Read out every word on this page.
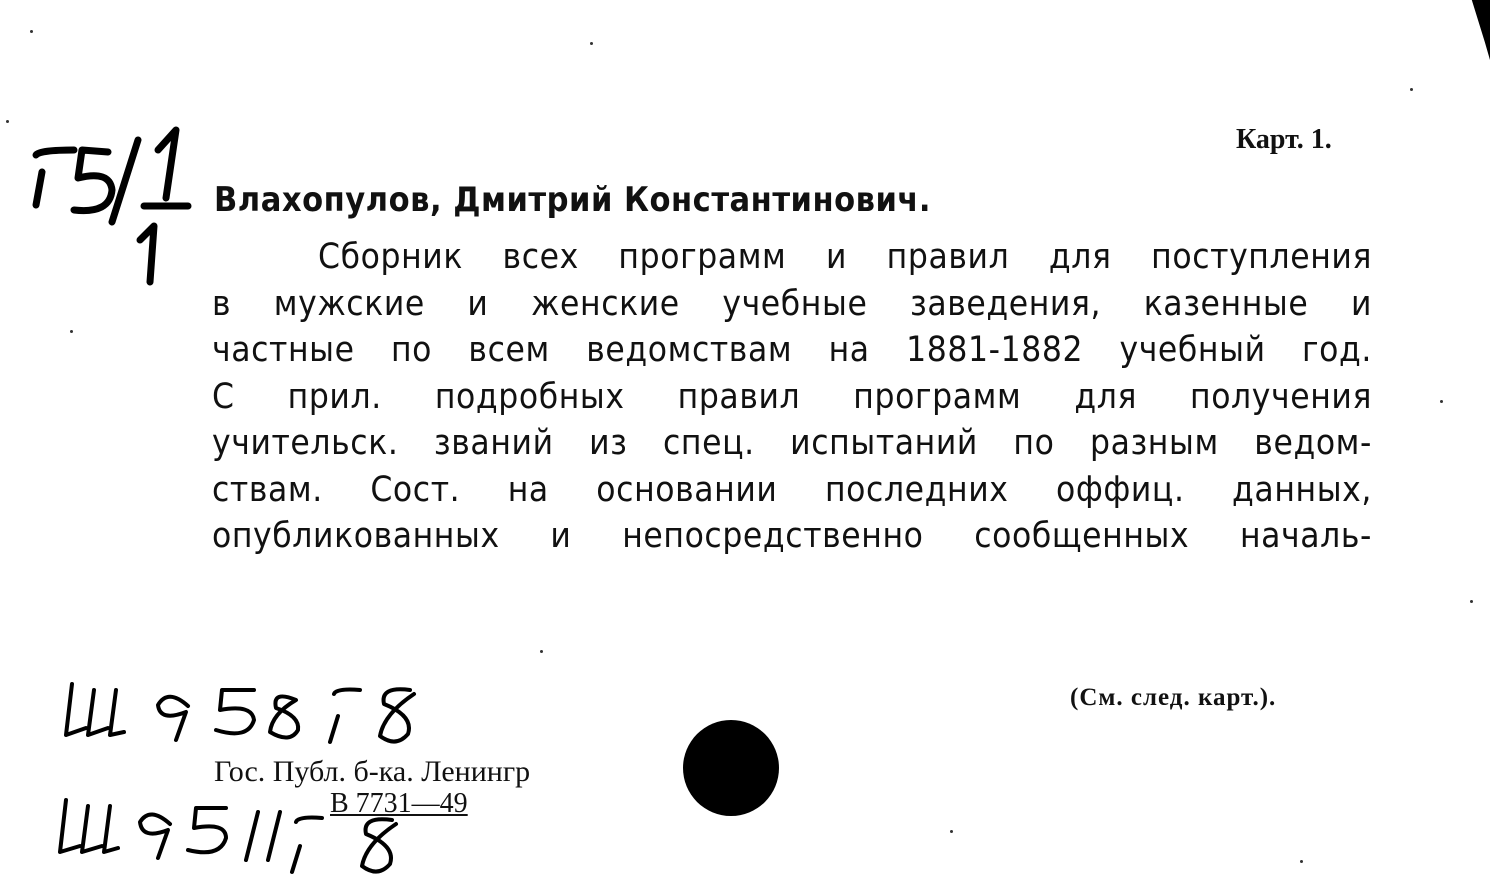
Карт. 1.
Влахопулов, Дмитрий Константинович.
Сборник всех программ и правил для поступления
в мужские и женские учебные заведения, казенные и
частные по всем ведомствам на 1881-1882 учебный год.
С прил. подробных правил программ для получения
учительск. званий из спец. испытаний по разным ведом-
ствам. Сост. на основании последних оффиц. данных,
опубликованных и непосредственно сообщенных началь-
(См. след. карт.).
Гос. Публ. б-ка. Ленингр
В 7731—49
